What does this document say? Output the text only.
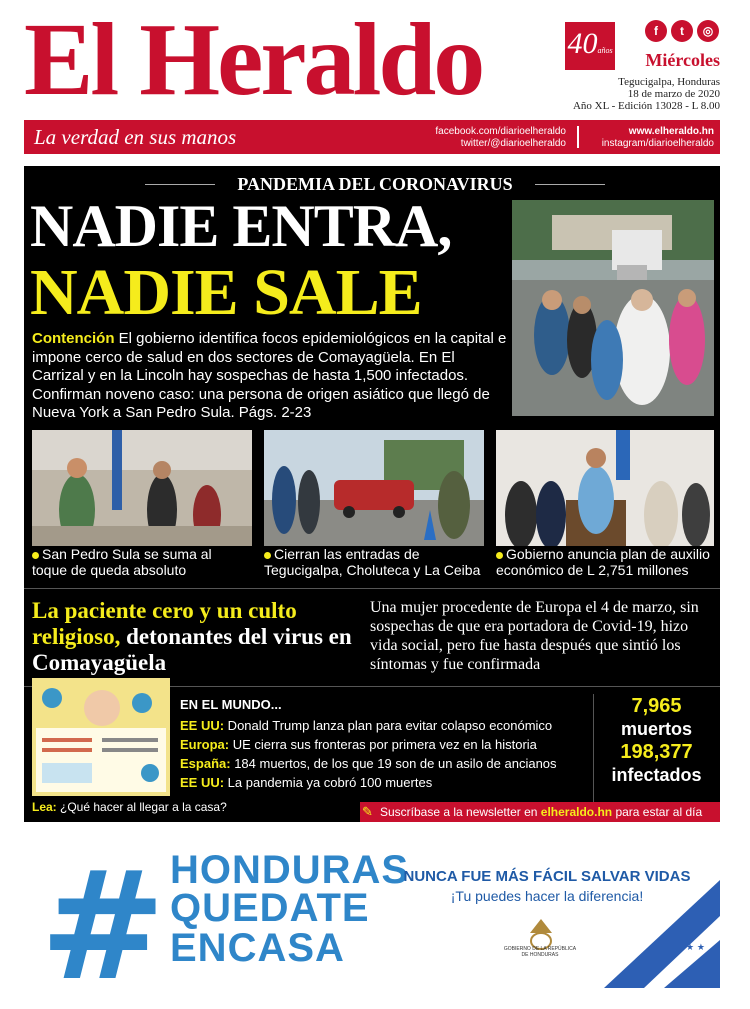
El Heraldo	40años
f	t	◎
Miércoles
Tegucigalpa, Honduras
18 de marzo de 2020
Año XL - Edición 13028 - L 8.00
La verdad en sus manos	facebook.com/diarioelheraldo
twitter/@diarioelheraldo
www.elheraldo.hn
instagram/diarioelheraldo
PANDEMIA DEL CORONAVIRUS
NADIE ENTRA,
NADIE SALE
Contención El gobierno identifica focos epidemiológicos en la capital e impone cerco de salud en dos sectores de Comayagüela. En El Carrizal y en la Lincoln hay sospechas de hasta 1,500 infectados. Confirman noveno caso: una persona de origen asiático que llegó de Nueva York a San Pedro Sula. Págs. 2-23
San Pedro Sula se suma al
toque de queda absoluto
Cierran las entradas de
Tegucigalpa, Choluteca y La Ceiba
Gobierno anuncia plan de auxilio
económico de L 2,751 millones
La paciente cero y un culto religioso, detonantes del virus en Comayagüela
Una mujer procedente de Europa el 4 de marzo, sin sospechas de que era portadora de Covid-19, hizo vida social, pero fue hasta después que sintió los síntomas y fue confirmada
EN EL MUNDO...
EE UU: Donald Trump lanza plan para evitar colapso económico
Europa: UE cierra sus fronteras por primera vez en la historia
España: 184 muertos, de los que 19 son de un asilo de ancianos
EE UU: La pandemia ya cobró 100 muertes
7,965
muertos
198,377
infectados
Lea: ¿Qué hacer al llegar a la casa?	Suscríbase a la newsletter en elheraldo.hn para estar al día
✎
# HONDURAS
QUEDATE
ENCASA
NUNCA FUE MÁS FÁCIL SALVAR VIDAS
¡Tu puedes hacer la diferencia!
GOBIERNO DE LA REPÚBLICA DE HONDURAS
★ ★
